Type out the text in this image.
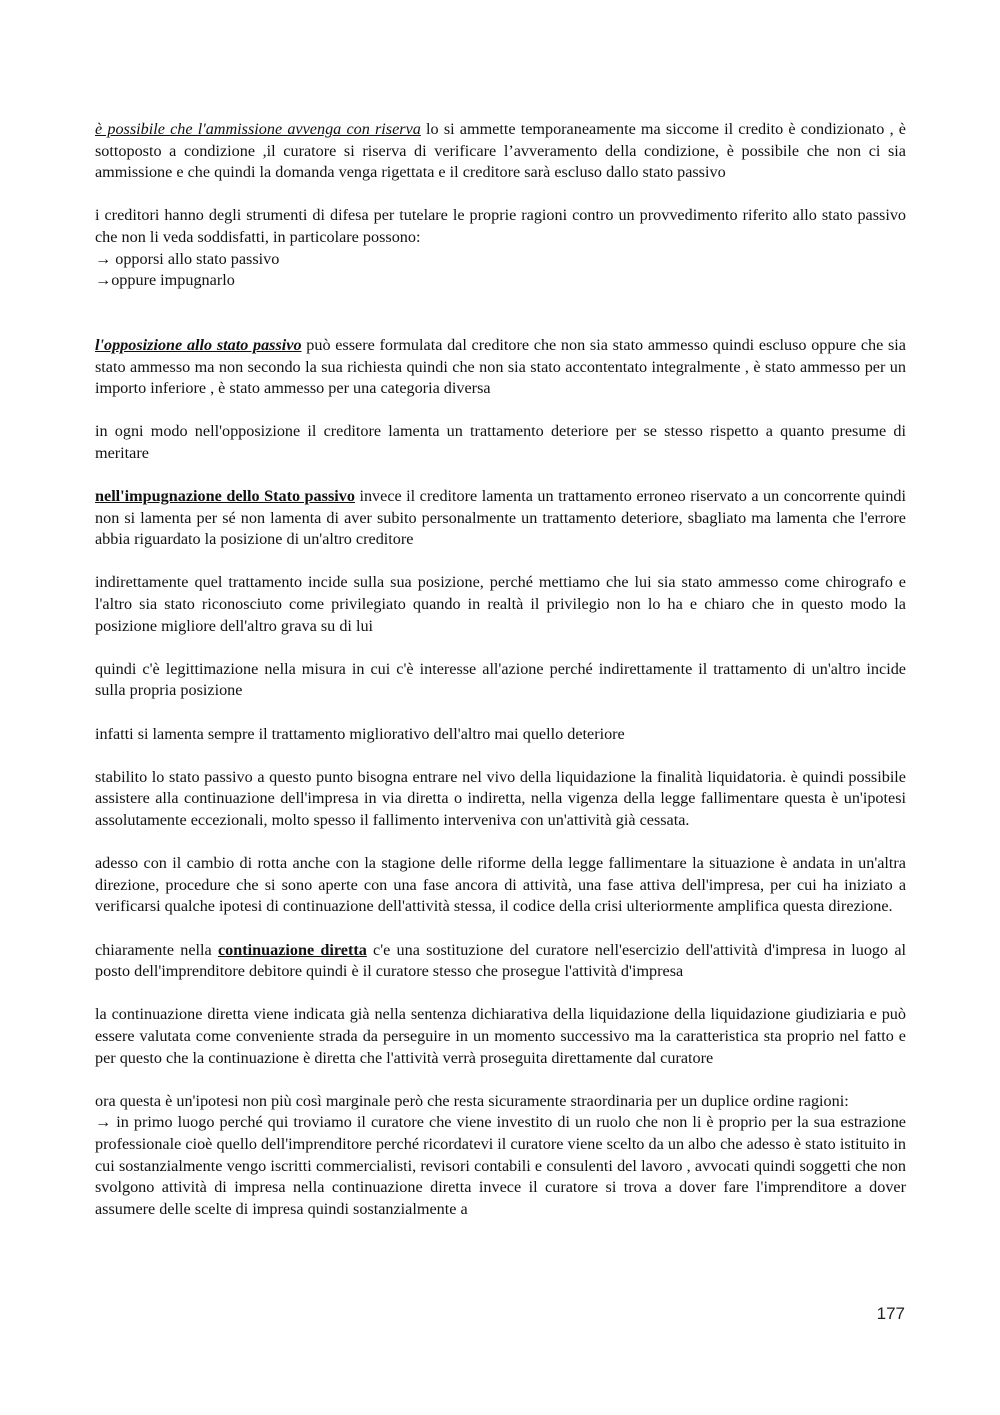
è possibile che l'ammissione avvenga con riserva lo si ammette temporaneamente ma siccome il credito è condizionato , è sottoposto a condizione ,il curatore si riserva di verificare l’avveramento della condizione, è possibile che non ci sia ammissione e che quindi la domanda venga rigettata e il creditore sarà escluso dallo stato passivo

i creditori hanno degli strumenti di difesa per tutelare le proprie ragioni contro un provvedimento riferito allo stato passivo che non li veda soddisfatti, in particolare possono:

→ opporsi allo stato passivo

→oppure impugnarlo

l'opposizione allo stato passivo può essere formulata dal creditore che non sia stato ammesso quindi escluso oppure che sia stato ammesso ma non secondo la sua richiesta quindi che non sia stato accontentato integralmente , è stato ammesso per un importo inferiore , è stato ammesso per una categoria diversa

in ogni modo nell'opposizione il creditore lamenta un trattamento deteriore per se stesso rispetto a quanto presume di meritare

nell'impugnazione dello Stato passivo invece il creditore lamenta un trattamento erroneo riservato a un concorrente quindi non si lamenta per sé non lamenta di aver subito personalmente un trattamento deteriore, sbagliato ma lamenta che l'errore abbia riguardato la posizione di un'altro creditore

indirettamente quel trattamento incide sulla sua posizione, perché mettiamo che lui sia stato ammesso come chirografo e l'altro sia stato riconosciuto come privilegiato quando in realtà il privilegio non lo ha e chiaro che in questo modo la posizione migliore dell'altro grava su di lui

quindi c'è legittimazione nella misura in cui c'è interesse all'azione perché indirettamente il trattamento di un'altro incide sulla propria posizione

infatti si lamenta sempre il trattamento migliorativo dell'altro mai quello deteriore

stabilito lo stato passivo a questo punto bisogna entrare nel vivo della liquidazione la finalità liquidatoria. è quindi possibile assistere alla continuazione dell'impresa in via diretta o indiretta, nella vigenza della legge fallimentare questa è un'ipotesi assolutamente eccezionali, molto spesso il fallimento interveniva con un'attività già cessata.

adesso con il cambio di rotta anche con la stagione delle riforme della legge fallimentare la situazione è andata in un'altra direzione, procedure che si sono aperte con una fase ancora di attività, una fase attiva dell'impresa, per cui ha iniziato a verificarsi qualche ipotesi di continuazione dell'attività stessa, il codice della crisi ulteriormente amplifica questa direzione.

chiaramente nella continuazione diretta c'e una sostituzione del curatore nell'esercizio dell'attività d'impresa in luogo al posto dell'imprenditore debitore quindi è il curatore stesso che prosegue l'attività d'impresa

la continuazione diretta viene indicata già nella sentenza dichiarativa della liquidazione della liquidazione giudiziaria e può essere valutata come conveniente strada da perseguire in un momento successivo ma la caratteristica sta proprio nel fatto e per questo che la continuazione è diretta che l'attività verrà proseguita direttamente dal curatore

ora questa è un'ipotesi non più così marginale però che resta sicuramente straordinaria per un duplice ordine ragioni:

→ in primo luogo perché qui troviamo il curatore che viene investito di un ruolo che non li è proprio per la sua estrazione professionale cioè quello dell'imprenditore perché ricordatevi il curatore viene scelto da un albo che adesso è stato istituito in cui sostanzialmente vengo iscritti commercialisti, revisori contabili e consulenti del lavoro , avvocati quindi soggetti che non svolgono attività di impresa nella continuazione diretta invece il curatore si trova a dover fare l'imprenditore a dover assumere delle scelte di impresa quindi sostanzialmente a

177
